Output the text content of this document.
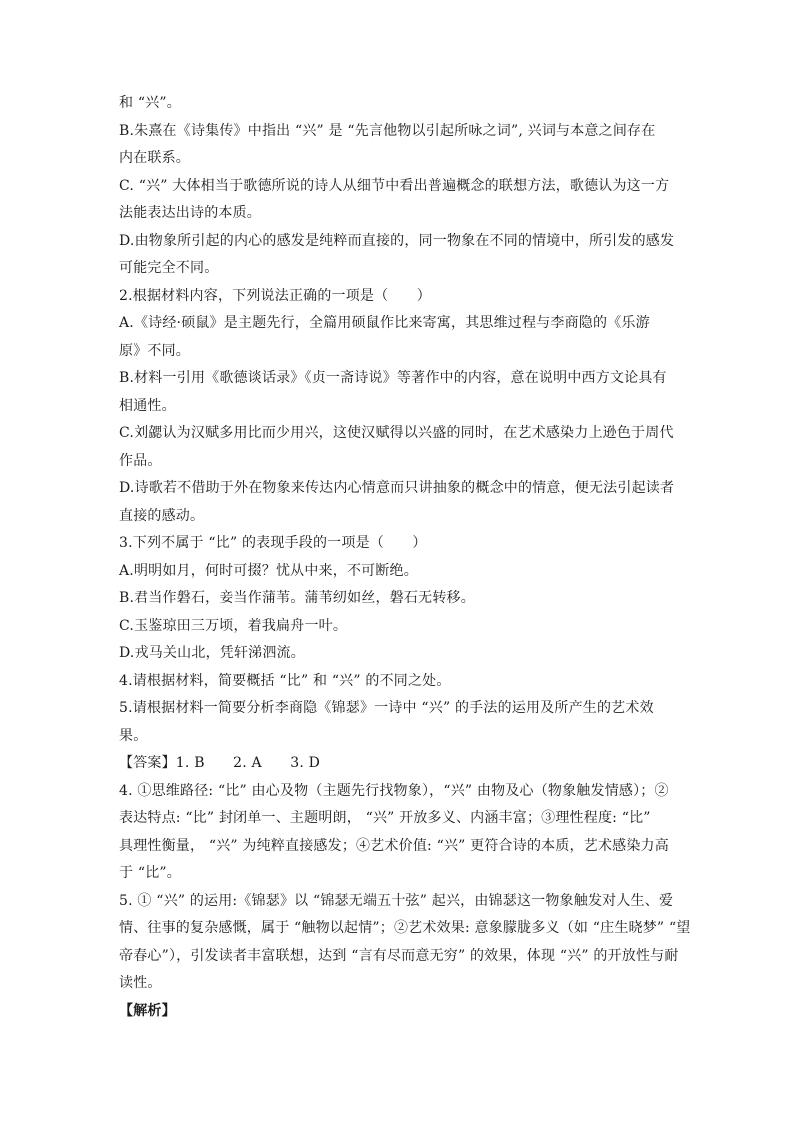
和 “兴”。
B.朱熹在《诗集传》中指出 “兴” 是 “先言他物以引起所咏之词”, 兴词与本意之间存在
内在联系。
C. “兴” 大体相当于歌德所说的诗人从细节中看出普遍概念的联想方法，歌德认为这一方
法能表达出诗的本质。
D.由物象所引起的内心的感发是纯粹而直接的，同一物象在不同的情境中，所引发的感发
可能完全不同。
2.根据材料内容，下列说法正确的一项是（　　）
A.《诗经·硕鼠》是主题先行，全篇用硕鼠作比来寄寓，其思维过程与李商隐的《乐游
原》不同。
B.材料一引用《歌德谈话录》《贞一斋诗说》等著作中的内容，意在说明中西方文论具有
相通性。
C.刘勰认为汉赋多用比而少用兴，这使汉赋得以兴盛的同时，在艺术感染力上逊色于周代
作品。
D.诗歌若不借助于外在物象来传达内心情意而只讲抽象的概念中的情意，便无法引起读者
直接的感动。
3.下列不属于 “比” 的表现手段的一项是（　　）
A.明明如月，何时可掇？忧从中来，不可断绝。
B.君当作磐石，妾当作蒲苇。蒲苇纫如丝，磐石无转移。
C.玉鉴琼田三万顷，着我扁舟一叶。
D.戎马关山北，凭轩涕泗流。
4.请根据材料，简要概括 “比” 和 “兴” 的不同之处。
5.请根据材料一简要分析李商隐《锦瑟》一诗中 “兴” 的手法的运用及所产生的艺术效
果。
【答案】1. B　　2. A　　3. D
4. ①思维路径: “比” 由心及物（主题先行找物象），“兴” 由物及心（物象触发情感）；②
表达特点: “比” 封闭单一、主题明朗， “兴” 开放多义、内涵丰富；③理性程度: “比”
具理性衡量， “兴” 为纯粹直接感发；④艺术价值: “兴” 更符合诗的本质，艺术感染力高
于 “比”。
5. ① “兴” 的运用:《锦瑟》以 “锦瑟无端五十弦” 起兴，由锦瑟这一物象触发对人生、爱
情、往事的复杂感慨，属于 “触物以起情”；②艺术效果: 意象朦胧多义（如 “庄生晓梦” “望
帝春心”），引发读者丰富联想，达到 “言有尽而意无穷” 的效果，体现 “兴” 的开放性与耐
读性。
【解析】
